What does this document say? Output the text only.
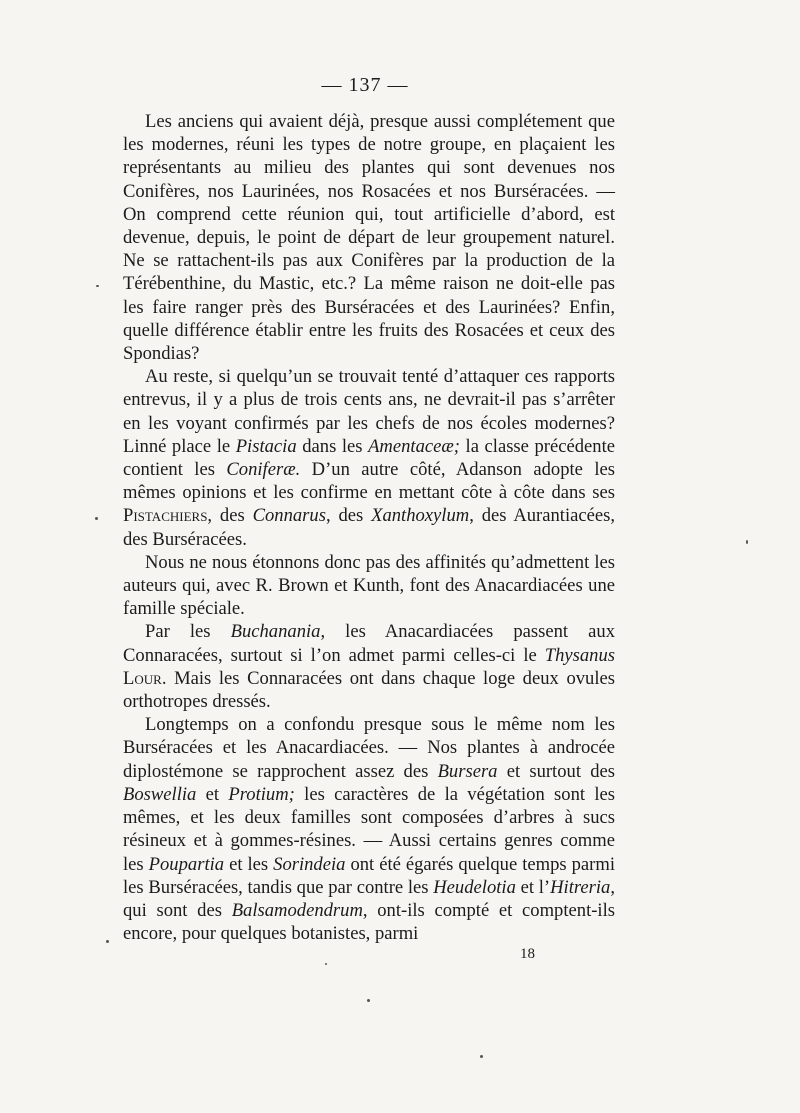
— 137 —

Les anciens qui avaient déjà, presque aussi complétement que les modernes, réuni les types de notre groupe, en plaçaient les représentants au milieu des plantes qui sont devenues nos Conifères, nos Laurinées, nos Rosacées et nos Burséracées. — On comprend cette réunion qui, tout artificielle d’abord, est devenue, depuis, le point de départ de leur groupement naturel. Ne se rattachent-ils pas aux Conifères par la production de la Térébenthine, du Mastic, etc.? La même raison ne doit-elle pas les faire ranger près des Burséracées et des Laurinées? Enfin, quelle différence établir entre les fruits des Rosacées et ceux des Spondias?

Au reste, si quelqu’un se trouvait tenté d’attaquer ces rapports entrevus, il y a plus de trois cents ans, ne devrait-il pas s’arrêter en les voyant confirmés par les chefs de nos écoles modernes? Linné place le Pistacia dans les Amentaceæ; la classe précédente contient les Coniferæ. D’un autre côté, Adanson adopte les mêmes opinions et les confirme en mettant côte à côte dans ses Pistachiers, des Connarus, des Xanthoxylum, des Aurantiacées, des Burséracées.

Nous ne nous étonnons donc pas des affinités qu’admettent les auteurs qui, avec R. Brown et Kunth, font des Anacardiacées une famille spéciale.

Par les Buchanania, les Anacardiacées passent aux Connaracées, surtout si l’on admet parmi celles-ci le Thysanus Lour. Mais les Connaracées ont dans chaque loge deux ovules orthotropes dressés.

Longtemps on a confondu presque sous le même nom les Burséracées et les Anacardiacées. — Nos plantes à androcée diplostémone se rapprochent assez des Bursera et surtout des Boswellia et Protium; les caractères de la végétation sont les mêmes, et les deux familles sont composées d’arbres à sucs résineux et à gommes-résines. — Aussi certains genres comme les Poupartia et les Sorindeia ont été égarés quelque temps parmi les Burséracées, tandis que par contre les Heudelotia et l’Hitreria, qui sont des Balsamodendrum, ont-ils compté et comptent-ils encore, pour quelques botanistes, parmi

18
